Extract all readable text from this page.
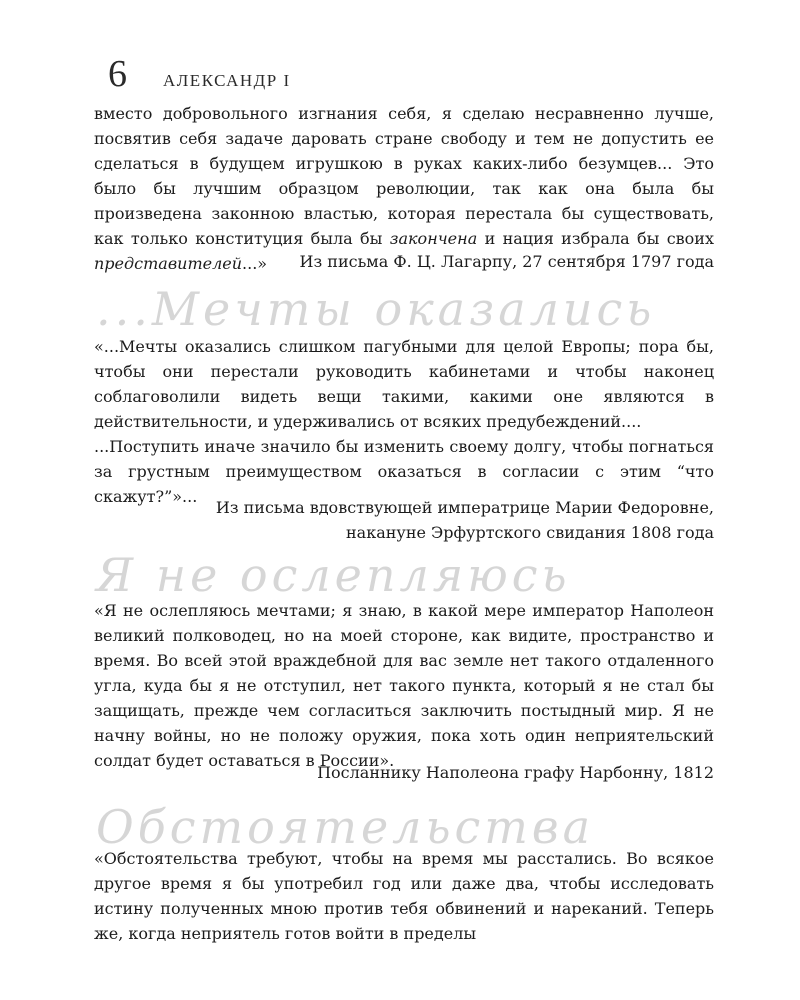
6 АЛЕКСАНДР I

вместо добровольного изгнания себя, я сделаю несравненно лучше, посвятив себя задаче даровать стране свободу и тем не допустить ее сделаться в будущем игрушкою в руках каких-либо безумцев... Это было бы лучшим образцом революции, так как она была бы произведена законною властью, которая перестала бы существовать, как только конституция была бы закончена и нация избрала бы своих представителей...»	Из письма Ф. Ц. Лагарпу, 27 сентября 1797 года
...Мечты оказались

«...Мечты оказались слишком пагубными для целой Европы; пора бы, чтобы они перестали руководить кабинетами и чтобы наконец соблаговолили видеть вещи такими, какими оне являются в действительности, и удерживались от всяких предубеждений....

...Поступить иначе значило бы изменить своему долгу, чтобы погнаться за грустным преимуществом оказаться в согласии с этим “что скажут?”»...

Из письма вдовствующей императрице Марии Федоровне,
накануне Эрфуртского свидания 1808 года
Я не ослепляюсь

«Я не ослепляюсь мечтами; я знаю, в какой мере император Наполеон великий полководец, но на моей стороне, как видите, пространство и время. Во всей этой враждебной для вас земле нет такого отдаленного угла, куда бы я не отступил, нет такого пункта, который я не стал бы защищать, прежде чем согласиться заключить постыдный мир. Я не начну войны, но не положу оружия, пока хоть один неприятельский солдат будет оставаться в России».

Посланнику Наполеона графу Нарбонну, 1812
Обстоятельства

«Обстоятельства требуют, чтобы на время мы расстались. Во всякое другое время я бы употребил год или даже два, чтобы исследовать истину полученных мною против тебя обвинений и нареканий. Теперь же, когда неприятель готов войти в пределы
